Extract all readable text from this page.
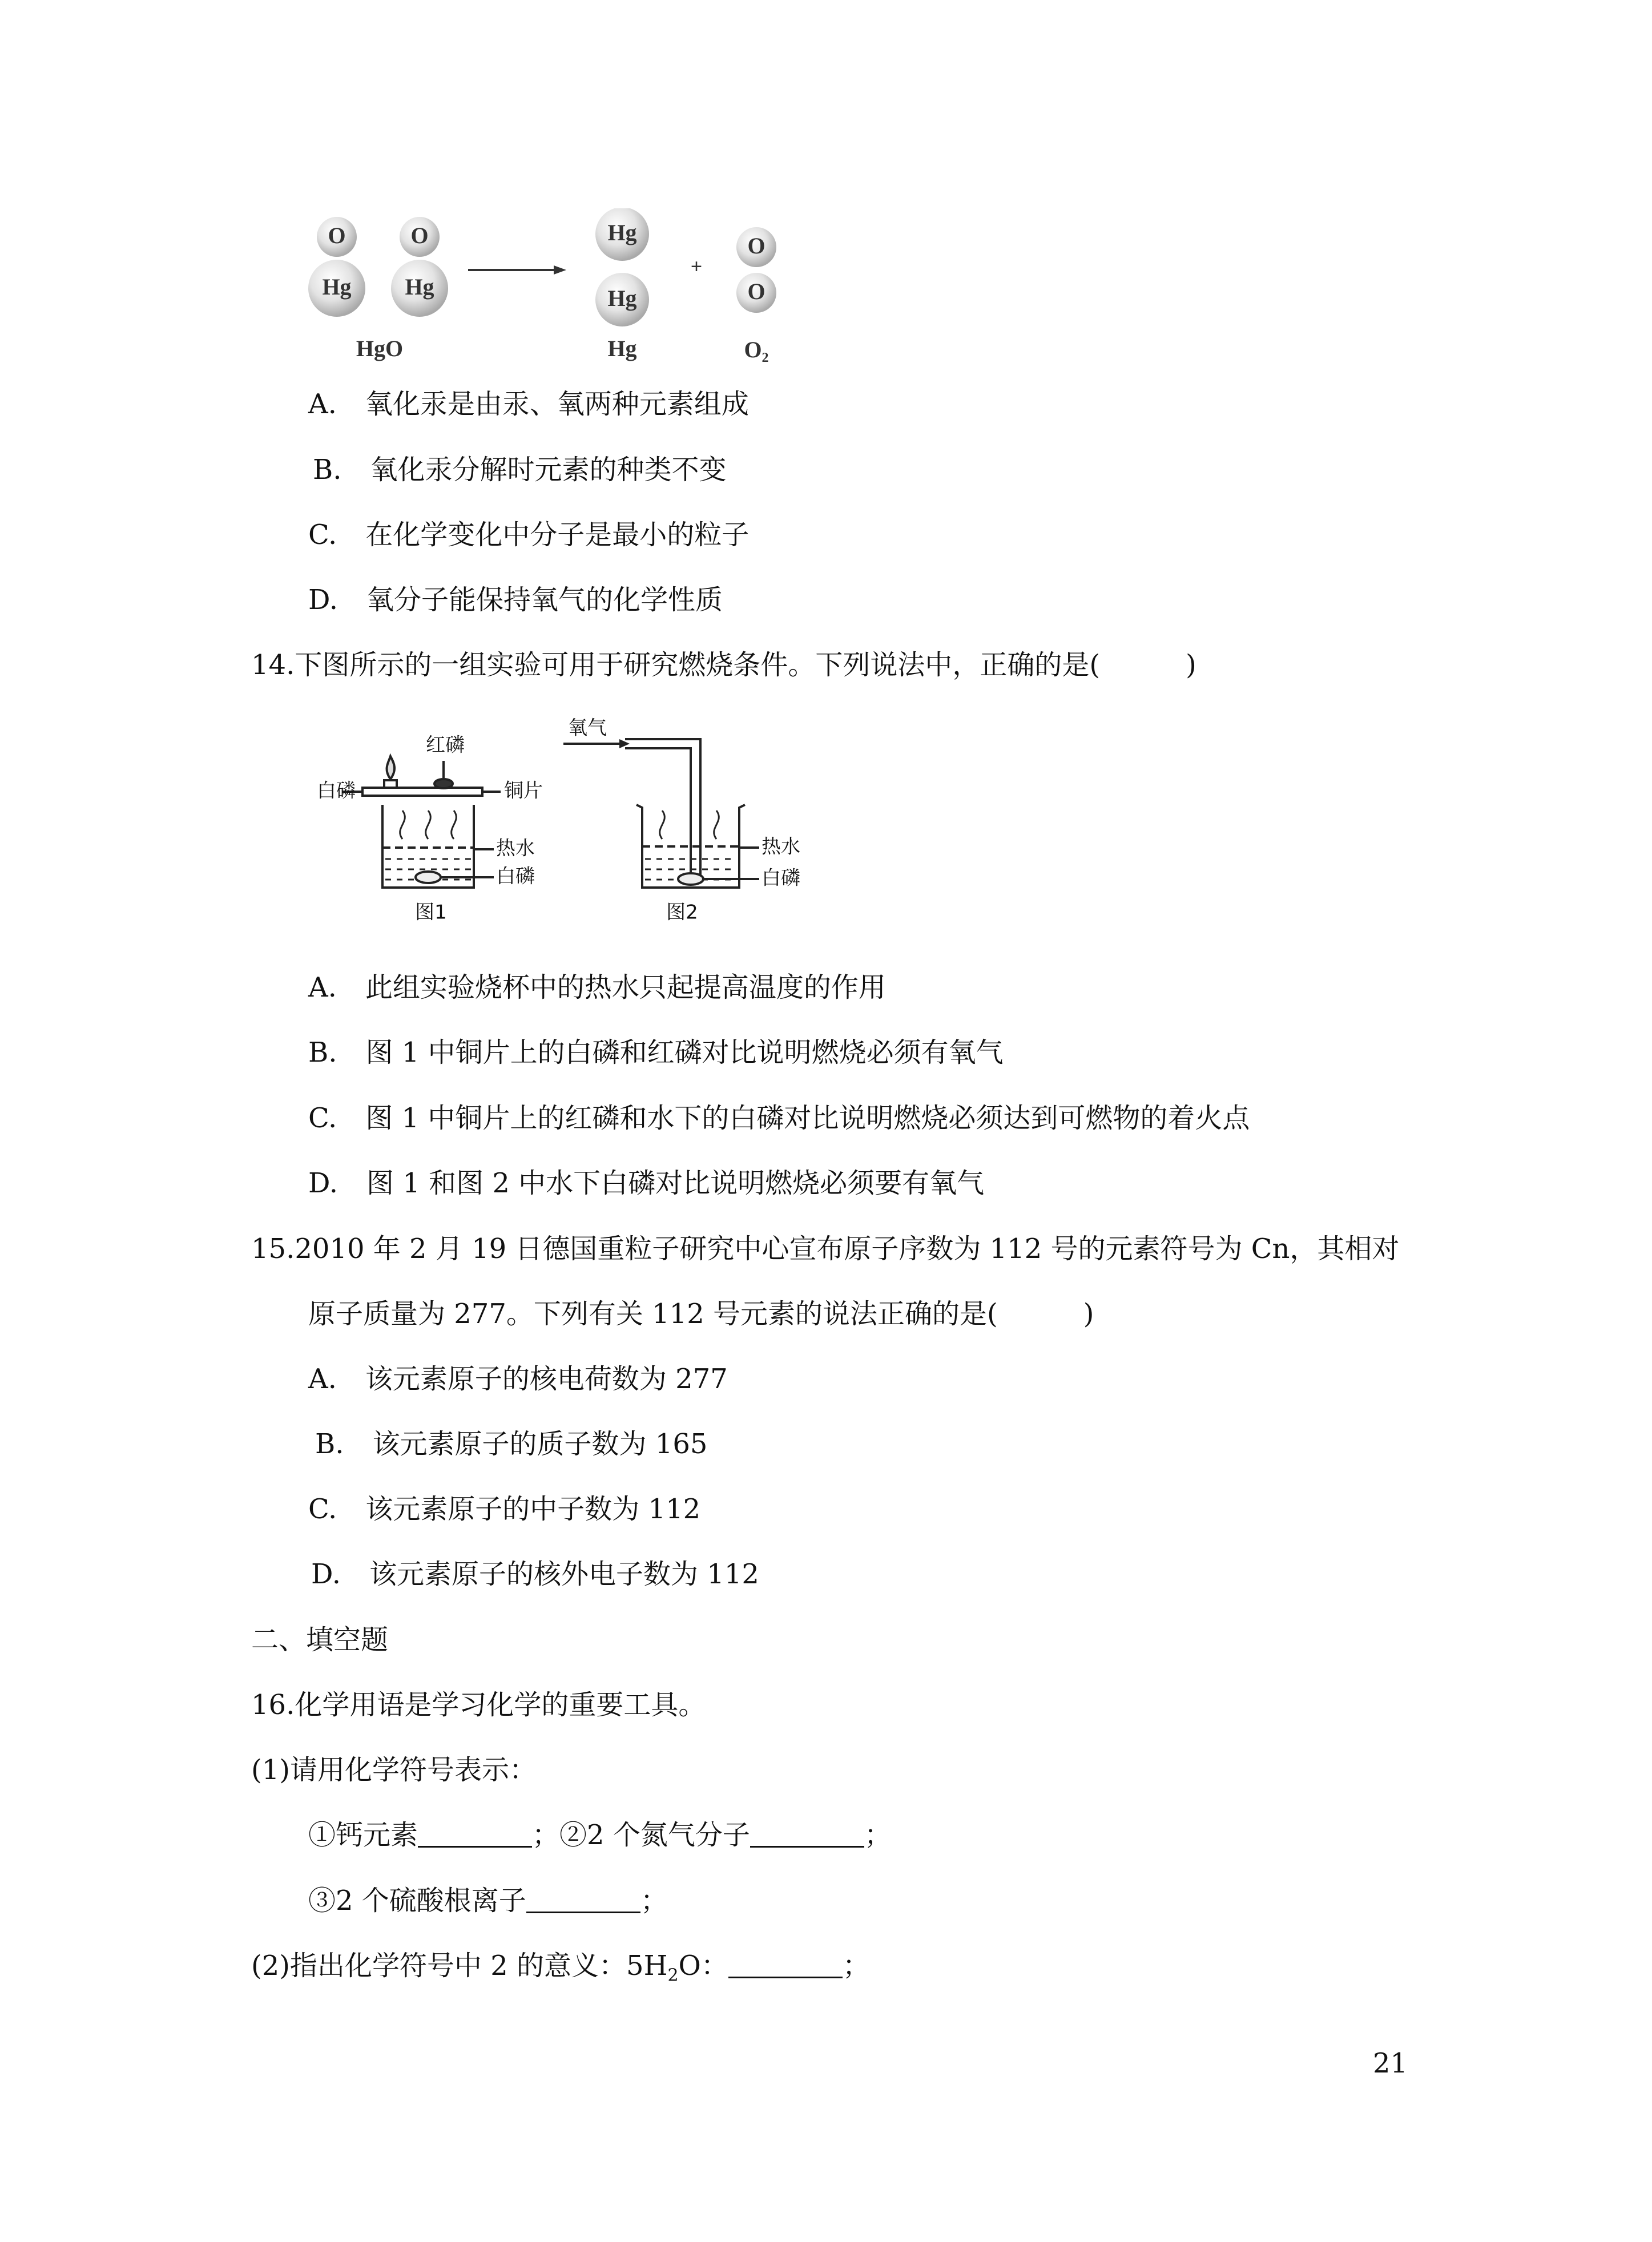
O
Hg
O
Hg
Hg
Hg
+
O
O
HgO	Hg	O₂
A. 氧化汞是由汞、氧两种元素组成
B. 氧化汞分解时元素的种类不变
C. 在化学变化中分子是最小的粒子
D. 氧分子能保持氧气的化学性质
14.下图所示的一组实验可用于研究燃烧条件。下列说法中，正确的是(	)
红磷
白磷	铜片
热水
白磷
图1
氧气
热水
白磷
图2
A. 此组实验烧杯中的热水只起提高温度的作用
B. 图 1 中铜片上的白磷和红磷对比说明燃烧必须有氧气
C. 图 1 中铜片上的红磷和水下的白磷对比说明燃烧必须达到可燃物的着火点
D. 图 1 和图 2 中水下白磷对比说明燃烧必须要有氧气
15.2010 年 2 月 19 日德国重粒子研究中心宣布原子序数为 112 号的元素符号为 Cn，其相对
原子质量为 277。下列有关 112 号元素的说法正确的是(	)
A. 该元素原子的核电荷数为 277
B. 该元素原子的质子数为 165
C. 该元素原子的中子数为 112
D. 该元素原子的核外电子数为 112
二、填空题
16.化学用语是学习化学的重要工具。
(1)请用化学符号表示：
①钙元素	；②2 个氮气分子	；
③2 个硫酸根离子	；
(2)指出化学符号中 2 的意义：$5H_2O$：	；
21
